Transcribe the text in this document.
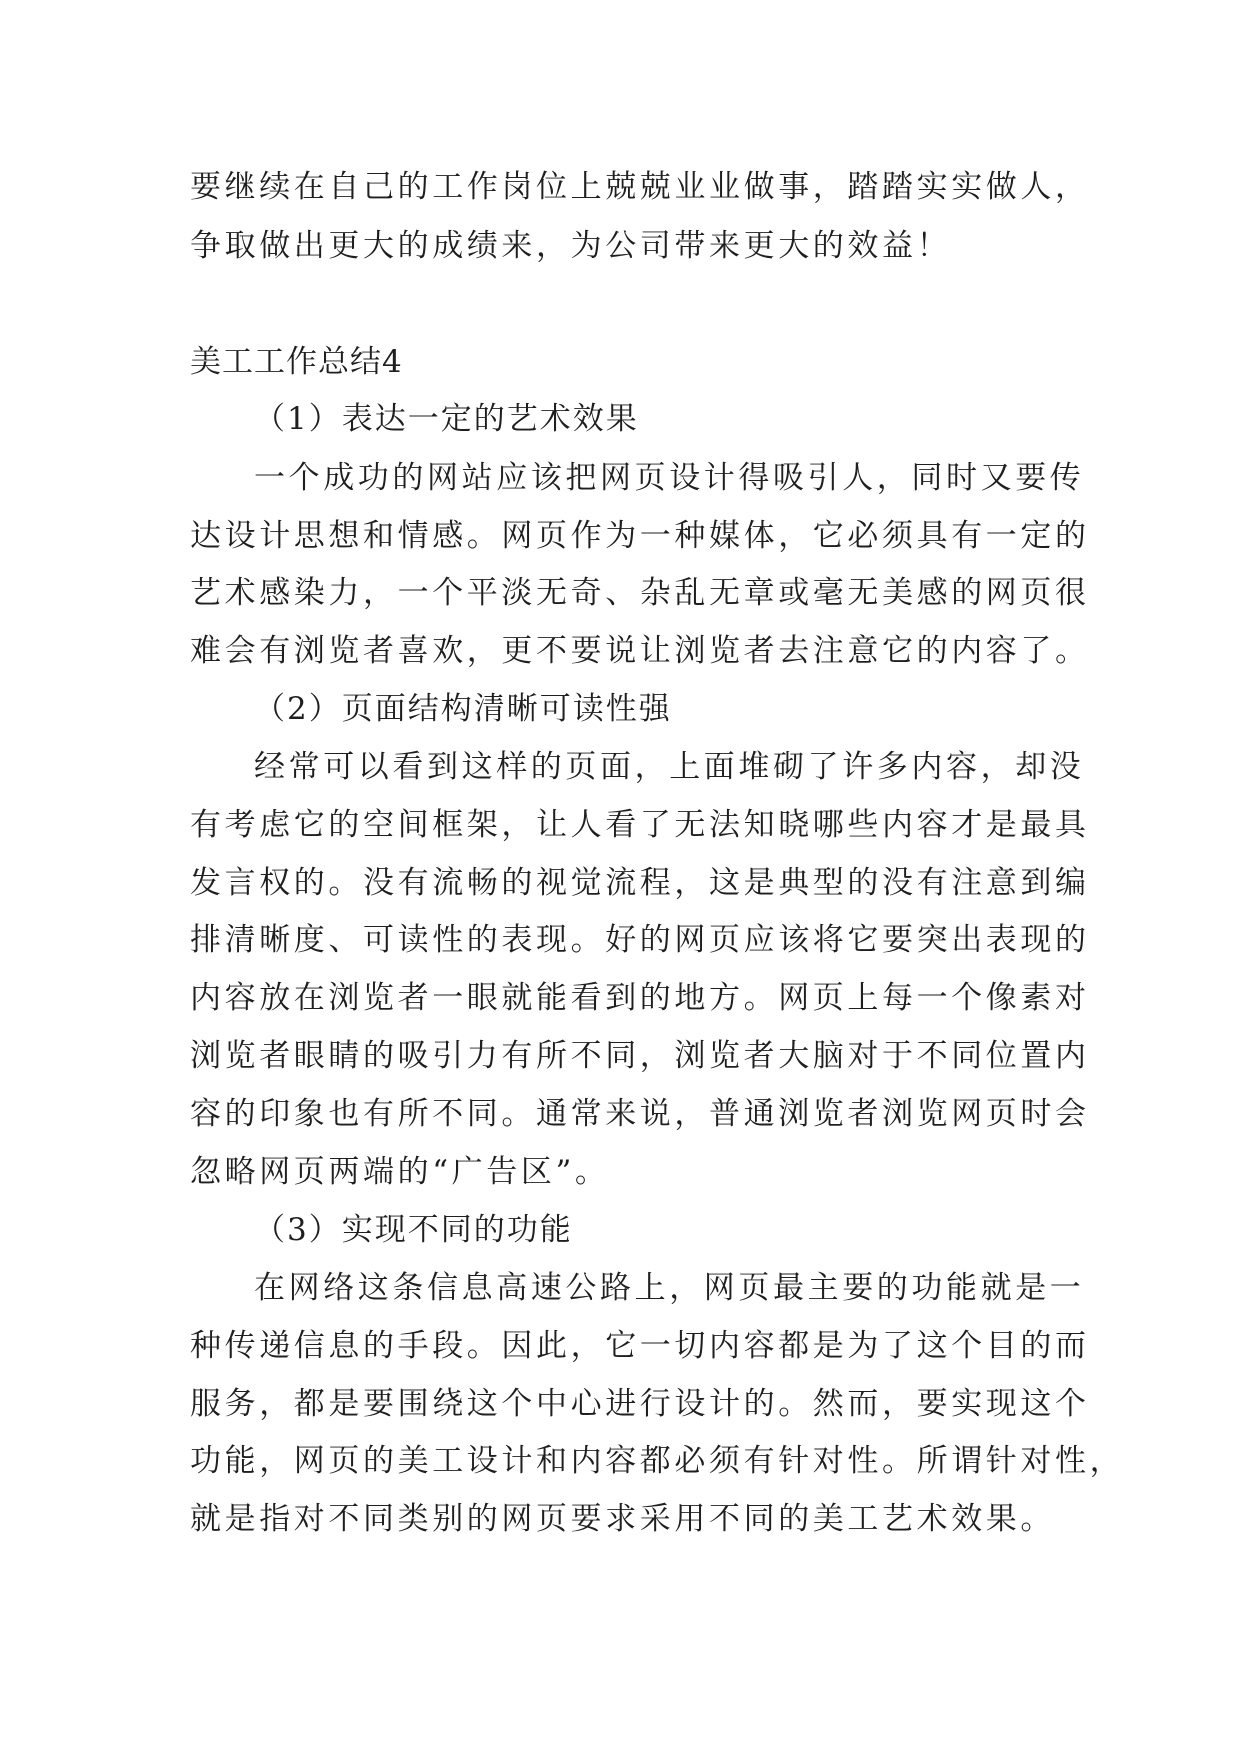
要继续在自己的工作岗位上兢兢业业做事，踏踏实实做人，
争取做出更大的成绩来，为公司带来更大的效益！
美工工作总结4
（1）表达一定的艺术效果
一个成功的网站应该把网页设计得吸引人，同时又要传
达设计思想和情感。网页作为一种媒体，它必须具有一定的
艺术感染力，一个平淡无奇、杂乱无章或毫无美感的网页很
难会有浏览者喜欢，更不要说让浏览者去注意它的内容了。
（2）页面结构清晰可读性强
经常可以看到这样的页面，上面堆砌了许多内容，却没
有考虑它的空间框架，让人看了无法知晓哪些内容才是最具
发言权的。没有流畅的视觉流程，这是典型的没有注意到编
排清晰度、可读性的表现。好的网页应该将它要突出表现的
内容放在浏览者一眼就能看到的地方。网页上每一个像素对
浏览者眼睛的吸引力有所不同，浏览者大脑对于不同位置内
容的印象也有所不同。通常来说，普通浏览者浏览网页时会
忽略网页两端的“广告区”。
（3）实现不同的功能
在网络这条信息高速公路上，网页最主要的功能就是一
种传递信息的手段。因此，它一切内容都是为了这个目的而
服务，都是要围绕这个中心进行设计的。然而，要实现这个
功能，网页的美工设计和内容都必须有针对性。所谓针对性，
就是指对不同类别的网页要求采用不同的美工艺术效果。
